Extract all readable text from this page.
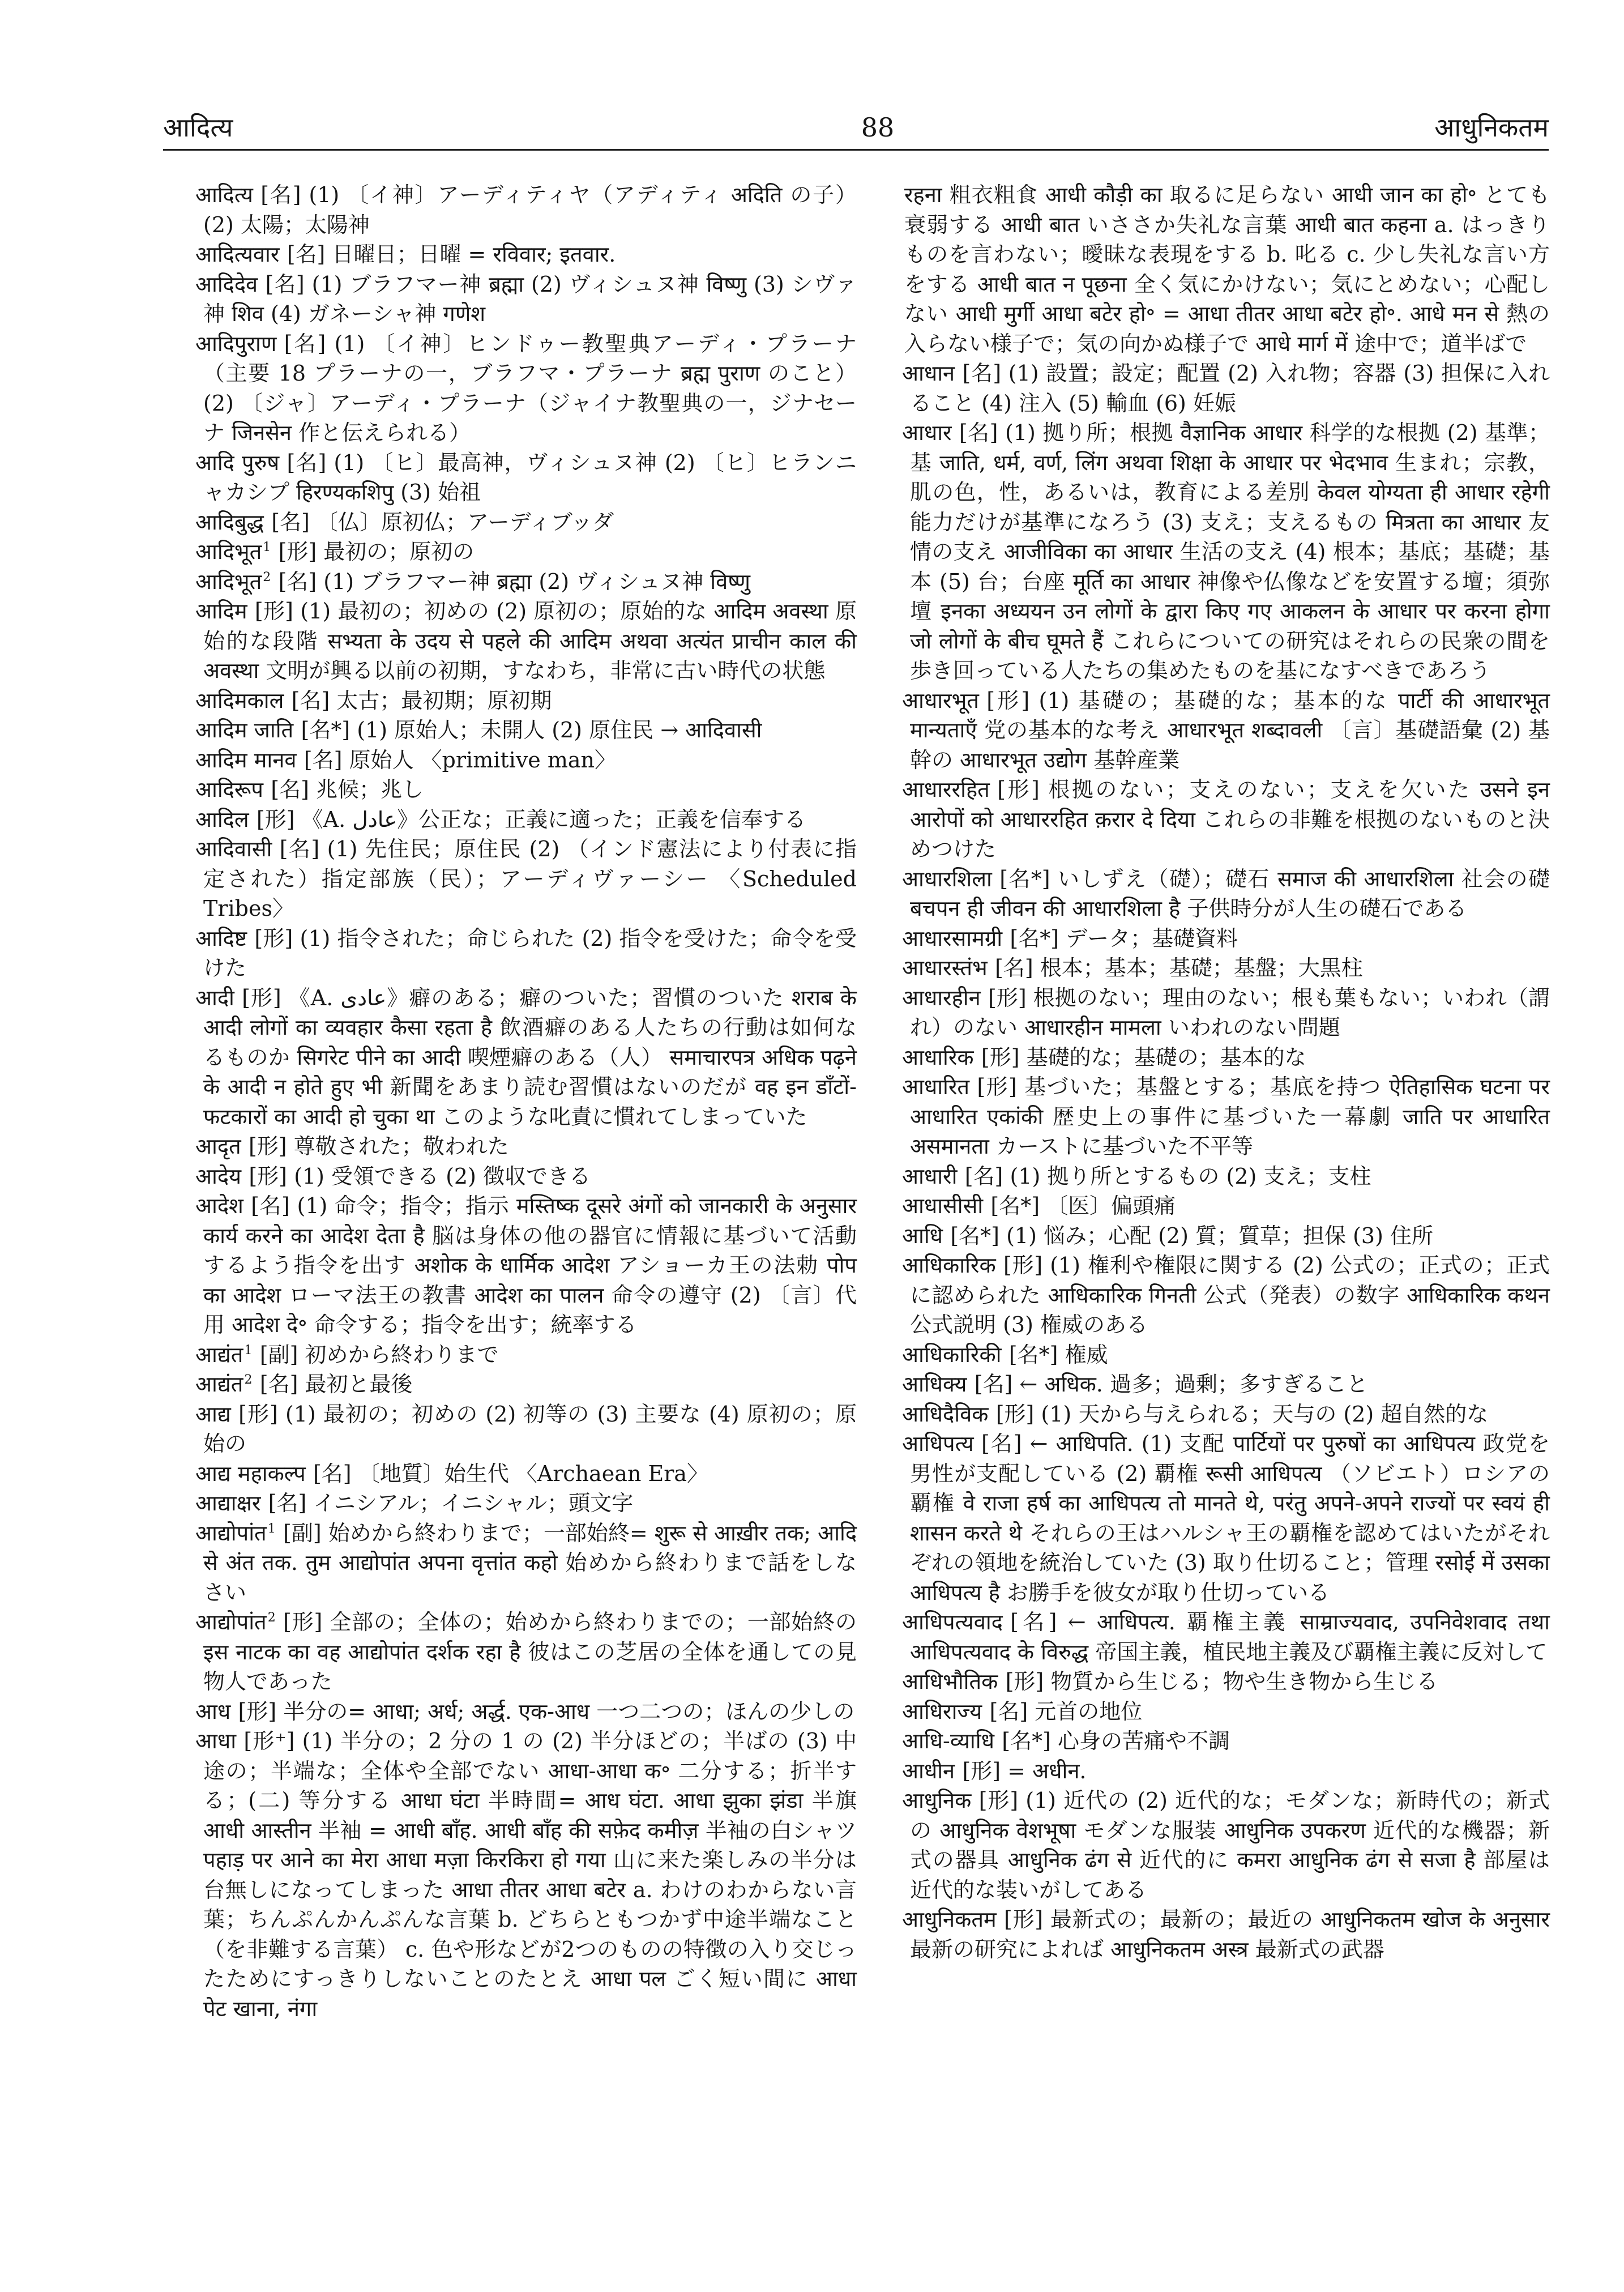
आदित्य	88	आधुनिकतम
आदित्य [名] (1) 〔イ神〕アーディティヤ（アディティ अदिति の子） (2) 太陽；太陽神
आदित्यवार [名] 日曜日；日曜 = रविवार; इतवार.
आदिदेव [名] (1) ブラフマー神 ब्रह्मा (2) ヴィシュヌ神 विष्णु (3) シヴァ神 शिव (4) ガネーシャ神 गणेश
आदिपुराण [名] (1) 〔イ神〕ヒンドゥー教聖典アーディ・プラーナ（主要 18 プラーナの一，ブラフマ・プラーナ ब्रह्म पुराण のこと） (2) 〔ジャ〕アーディ・プラーナ（ジャイナ教聖典の一，ジナセーナ जिनसेन 作と伝えられる）
आदि पुरुष [名] (1) 〔ヒ〕最高神，ヴィシュヌ神 (2) 〔ヒ〕ヒランニャカシプ हिरण्यकशिपु (3) 始祖
आदिबुद्ध [名] 〔仏〕原初仏；アーディブッダ
आदिभूत$^1$ [形] 最初の；原初の
आदिभूत$^2$ [名] (1) ブラフマー神 ब्रह्मा (2) ヴィシュヌ神 विष्णु
आदिम [形] (1) 最初の；初めの (2) 原初の；原始的な आदिम अवस्था 原始的な段階 सभ्यता के उदय से पहले की आदिम अथवा अत्यंत प्राचीन काल की अवस्था 文明が興る以前の初期，すなわち，非常に古い時代の状態
आदिमकाल [名] 太古；最初期；原初期
आदिम जाति [名*] (1) 原始人；未開人 (2) 原住民 → आदिवासी
आदिम मानव [名] 原始人 〈primitive man〉
आदिरूप [名] 兆候；兆し
आदिल [形] 《A. عادل》公正な；正義に適った；正義を信奉する
आदिवासी [名] (1) 先住民；原住民 (2) （インド憲法により付表に指定された）指定部族（民）；アーディヴァーシー 〈Scheduled Tribes〉
आदिष्ट [形] (1) 指令された；命じられた (2) 指令を受けた；命令を受けた
आदी [形] 《A. عادى》癖のある；癖のついた；習慣のついた शराब के आदी लोगों का व्यवहार कैसा रहता है 飲酒癖のある人たちの行動は如何なるものか सिगरेट पीने का आदी 喫煙癖のある（人） समाचारपत्र अधिक पढ़ने के आदी न होते हुए भी 新聞をあまり読む習慣はないのだが वह इन डाँटों-फटकारों का आदी हो चुका था このような叱責に慣れてしまっていた
आदृत [形] 尊敬された；敬われた
आदेय [形] (1) 受領できる (2) 徴収できる
आदेश [名] (1) 命令；指令；指示 मस्तिष्क दूसरे अंगों को जानकारी के अनुसार कार्य करने का आदेश देता है 脳は身体の他の器官に情報に基づいて活動するよう指令を出す अशोक के धार्मिक आदेश アショーカ王の法勅 पोप का आदेश ローマ法王の教書 आदेश का पालन 命令の遵守 (2) 〔言〕代用 आदेश दे॰ 命令する；指令を出す；統率する
आद्यंत$^1$ [副] 初めから終わりまで
आद्यंत$^2$ [名] 最初と最後
आद्य [形] (1) 最初の；初めの (2) 初等の (3) 主要な (4) 原初の；原始の
आद्य महाकल्प [名] 〔地質〕始生代 〈Archaean Era〉
आद्याक्षर [名] イニシアル；イニシャル；頭文字
आद्योपांत$^1$ [副] 始めから終わりまで；一部始終= शुरू से आख़ीर तक; आदि से अंत तक. तुम आद्योपांत अपना वृत्तांत कहो 始めから終わりまで話をしなさい
आद्योपांत$^2$ [形] 全部の；全体の；始めから終わりまでの；一部始終の इस नाटक का वह आद्योपांत दर्शक रहा है 彼はこの芝居の全体を通しての見物人であった
आध [形] 半分の= आधा; अर्ध; अर्द्ध. एक-आध 一つ二つの；ほんの少しの
आधा [形⁺] (1) 半分の；2 分の 1 の (2) 半分ほどの；半ばの (3) 中途の；半端な；全体や全部でない आधा-आधा क॰ 二分する；折半する；(二) 等分する आधा घंटा 半時間= आध घंटा. आधा झुका झंडा 半旗 आधी आस्तीन 半袖 = आधी बाँह. आधी बाँह की सफ़ेद कमीज़ 半袖の白シャツ पहाड़ पर आने का मेरा आधा मज़ा किरकिरा हो गया 山に来た楽しみの半分は台無しになってしまった आधा तीतर आधा बटेर a. わけのわからない言葉；ちんぷんかんぷんな言葉 b. どちらともつかず中途半端なこと（を非難する言葉） c. 色や形などが2つのものの特徴の入り交じったためにすっきりしないことのたとえ आधा पल ごく短い間に आधा पेट खाना, नंगा
रहना 粗衣粗食 आधी कौड़ी का 取るに足らない आधी जान का हो॰ とても衰弱する आधी बात いささか失礼な言葉 आधी बात कहना a. はっきりものを言わない；曖昧な表現をする b. 叱る c. 少し失礼な言い方をする आधी बात न पूछना 全く気にかけない；気にとめない；心配しない आधी मुर्गी आधा बटेर हो॰ = आधा तीतर आधा बटेर हो॰. आधे मन से 熱の入らない様子で；気の向かぬ様子で आधे मार्ग में 途中で；道半ばで
आधान [名] (1) 設置；設定；配置 (2) 入れ物；容器 (3) 担保に入れること (4) 注入 (5) 輸血 (6) 妊娠
आधार [名] (1) 拠り所；根拠 वैज्ञानिक आधार 科学的な根拠 (2) 基準；基 जाति, धर्म, वर्ण, लिंग अथवा शिक्षा के आधार पर भेदभाव 生まれ；宗教，肌の色，性，あるいは，教育による差別 केवल योग्यता ही आधार रहेगी 能力だけが基準になろう (3) 支え；支えるもの मित्रता का आधार 友情の支え आजीविका का आधार 生活の支え (4) 根本；基底；基礎；基本 (5) 台；台座 मूर्ति का आधार 神像や仏像などを安置する壇；須弥壇 इनका अध्ययन उन लोगों के द्वारा किए गए आकलन के आधार पर करना होगा जो लोगों के बीच घूमते हैं これらについての研究はそれらの民衆の間を歩き回っている人たちの集めたものを基になすべきであろう
आधारभूत [形] (1) 基礎の；基礎的な；基本的な पार्टी की आधारभूत मान्यताएँ 党の基本的な考え आधारभूत शब्दावली 〔言〕基礎語彙 (2) 基幹の आधारभूत उद्योग 基幹産業
आधाररहित [形] 根拠のない；支えのない；支えを欠いた उसने इन आरोपों को आधाररहित क़रार दे दिया これらの非難を根拠のないものと決めつけた
आधारशिला [名*] いしずえ（礎）；礎石 समाज की आधारशिला 社会の礎 बचपन ही जीवन की आधारशिला है 子供時分が人生の礎石である
आधारसामग्री [名*] データ；基礎資料
आधारस्तंभ [名] 根本；基本；基礎；基盤；大黒柱
आधारहीन [形] 根拠のない；理由のない；根も葉もない；いわれ（謂れ）のない आधारहीन मामला いわれのない問題
आधारिक [形] 基礎的な；基礎の；基本的な
आधारित [形] 基づいた；基盤とする；基底を持つ ऐतिहासिक घटना पर आधारित एकांकी 歴史上の事件に基づいた一幕劇 जाति पर आधारित असमानता カーストに基づいた不平等
आधारी [名] (1) 拠り所とするもの (2) 支え；支柱
आधासीसी [名*] 〔医〕偏頭痛
आधि [名*] (1) 悩み；心配 (2) 質；質草；担保 (3) 住所
आधिकारिक [形] (1) 権利や権限に関する (2) 公式の；正式の；正式に認められた आधिकारिक गिनती 公式（発表）の数字 आधिकारिक कथन 公式説明 (3) 権威のある
आधिकारिकी [名*] 権威
आधिक्य [名] ← अधिक. 過多；過剰；多すぎること
आधिदैविक [形] (1) 天から与えられる；天与の (2) 超自然的な
आधिपत्य [名] ← आधिपति. (1) 支配 पार्टियों पर पुरुषों का आधिपत्य 政党を男性が支配している (2) 覇権 रूसी आधिपत्य （ソビエト）ロシアの覇権 वे राजा हर्ष का आधिपत्य तो मानते थे, परंतु अपने-अपने राज्यों पर स्वयं ही शासन करते थे それらの王はハルシャ王の覇権を認めてはいたがそれぞれの領地を統治していた (3) 取り仕切ること；管理 रसोई में उसका आधिपत्य है お勝手を彼女が取り仕切っている
आधिपत्यवाद [名] ← आधिपत्य. 覇権主義 साम्राज्यवाद, उपनिवेशवाद तथा आधिपत्यवाद के विरुद्ध 帝国主義，植民地主義及び覇権主義に反対して
आधिभौतिक [形] 物質から生じる；物や生き物から生じる
आधिराज्य [名] 元首の地位
आधि-व्याधि [名*] 心身の苦痛や不調
आधीन [形] = अधीन.
आधुनिक [形] (1) 近代の (2) 近代的な；モダンな；新時代の；新式の आधुनिक वेशभूषा モダンな服装 आधुनिक उपकरण 近代的な機器；新式の器具 आधुनिक ढंग से 近代的に कमरा आधुनिक ढंग से सजा है 部屋は近代的な装いがしてある
आधुनिकतम [形] 最新式の；最新の；最近の आधुनिकतम खोज के अनुसार 最新の研究によれば आधुनिकतम अस्त्र 最新式の武器
